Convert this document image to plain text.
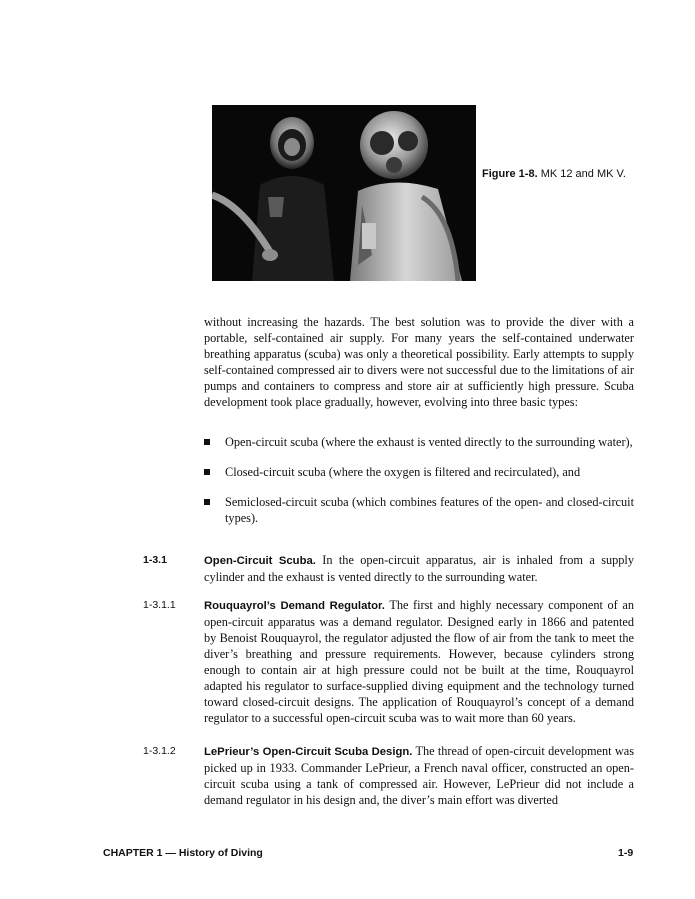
Figure 1-8. MK 12 and MK V.

without increasing the hazards. The best solution was to provide the diver with a portable, self-contained air supply. For many years the self-contained underwater breathing apparatus (scuba) was only a theoretical possibility. Early attempts to supply self-contained compressed air to divers were not successful due to the limitations of air pumps and containers to compress and store air at sufficiently high pressure. Scuba development took place gradually, however, evolving into three basic types:

Open-circuit scuba (where the exhaust is vented directly to the surrounding water),
Closed-circuit scuba (where the oxygen is filtered and recirculated), and
Semiclosed-circuit scuba (which combines features of the open- and closed-circuit types).
1-3.1	Open-Circuit Scuba. In the open-circuit apparatus, air is inhaled from a supply cylinder and the exhaust is vented directly to the surrounding water.

1-3.1.1	Rouquayrol’s Demand Regulator. The first and highly necessary component of an open-circuit apparatus was a demand regulator. Designed early in 1866 and patented by Benoist Rouquayrol, the regulator adjusted the flow of air from the tank to meet the diver’s breathing and pressure requirements. However, because cylinders strong enough to contain air at high pressure could not be built at the time, Rouquayrol adapted his regulator to surface-supplied diving equipment and the technology turned toward closed-circuit designs. The application of Rouquayrol’s concept of a demand regulator to a successful open-circuit scuba was to wait more than 60 years.

1-3.1.2	LePrieur’s Open-Circuit Scuba Design. The thread of open-circuit development was picked up in 1933. Commander LePrieur, a French naval officer, constructed an open-circuit scuba using a tank of compressed air. However, LePrieur did not include a demand regulator in his design and, the diver’s main effort was diverted

CHAPTER 1 — History of Diving	1-9
